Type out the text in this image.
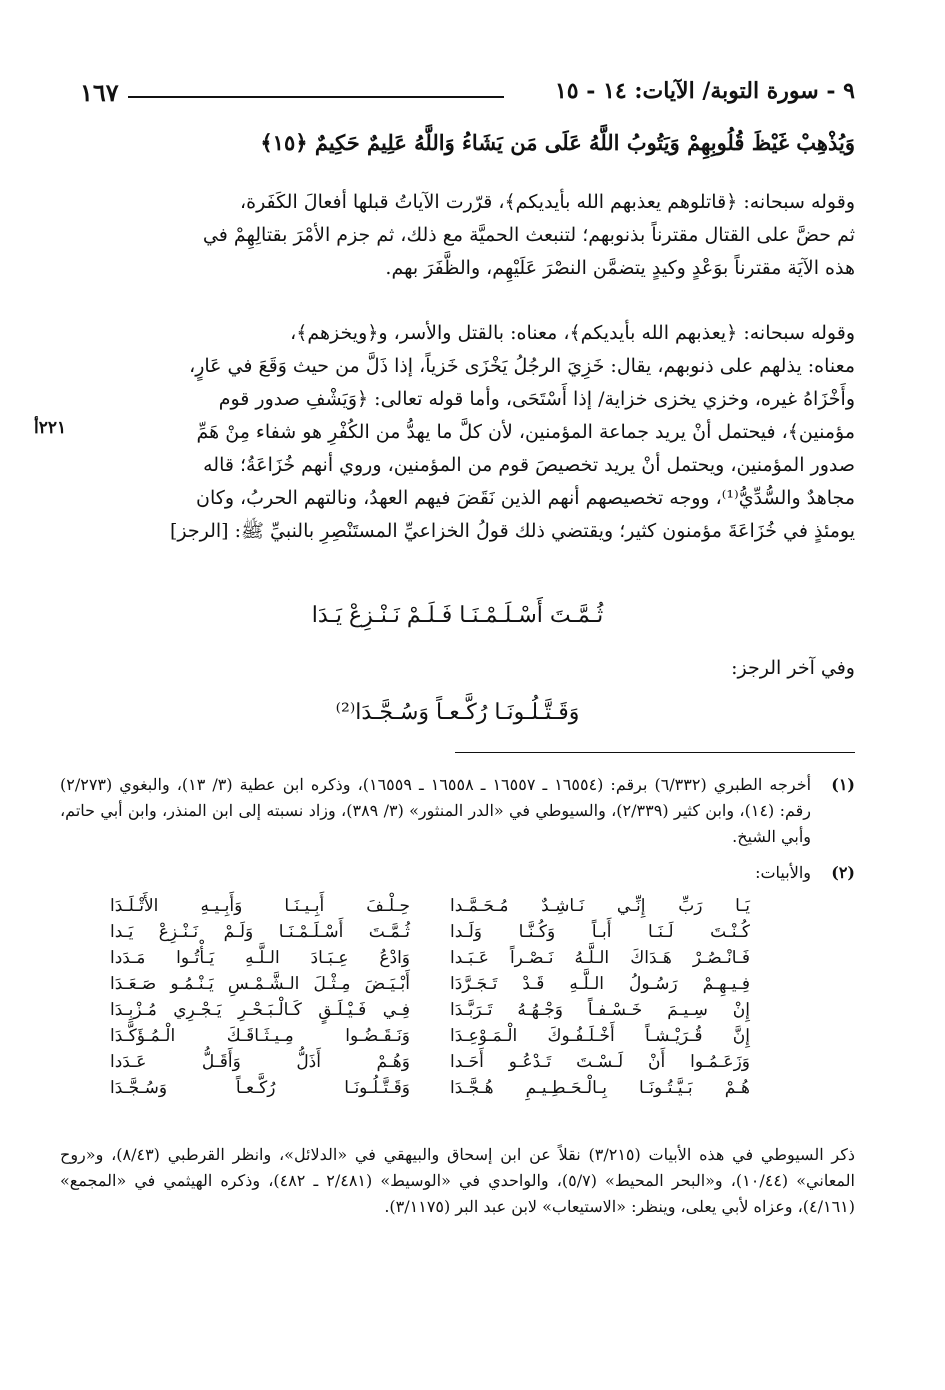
١٦٧	٩ - سورة التوبة/ الآيات: ١٤ - ١٥
وَيُذْهِبْ غَيْظَ قُلُوبِهِمْ وَيَتُوبُ اللَّهُ عَلَى مَن يَشَاءُ وَاللَّهُ عَلِيمٌ حَكِيمٌ ﴿١٥﴾
وقوله سبحانه: ﴿قاتلوهم يعذبهم الله بأيديكم﴾، قرّرت الآياتُ قبلها أفعالَ الكَفَرة،
ثم حضَّ على القتال مقترناً بذنوبهم؛ لتنبعث الحميَّة مع ذلك، ثم جزم الأمْرَ بقتالِهِمْ في
هذه الآيَة مقترناً بوَعْدٍ وكيدٍ يتضمَّن النصْرَ عَلَيْهِم، والظَّفَرَ بهم.
وقوله سبحانه: ﴿يعذبهم الله بأيديكم﴾، معناه: بالقتل والأسر، و﴿ويخزهم﴾،
معناه: يذلهم على ذنوبهم، يقال: خَزِيَ الرجُلُ يَخْزَى خَزياً، إذا ذَلَّ من حيث وَقَعَ في عَارٍ،
وأَخْزَاهُ غيره، وخزي يخزى خزاية/ إذا أَسْتَحَى، وأما قوله تعالى: ﴿وَيَشْفِ صدور قوم
مؤمنين﴾، فيحتمل أنْ يريد جماعة المؤمنين، لأن كلَّ ما يهدُّ من الكُفْرِ هو شفاء مِنْ هَمِّ
صدور المؤمنين، ويحتمل أنْ يريد تخصيصَ قوم من المؤمنين، وروي أنهم خُزَاعَةُ؛ قاله
مجاهدٌ والسُّدِّيُّ⁽¹⁾، ووجه تخصيصهم أنهم الذين نَقَضَ فيهم العهدُ، ونالتهم الحربُ، وكان
يومئذٍ في خُزَاعَةَ مؤمنون كثير؛ ويقتضي ذلك قولُ الخزاعيِّ المستَنْصِرِ بالنبيِّ ﷺ: [الرجز]
٢٢١أ
ثُـمَّـتَ أَسْـلَـمْـنَـا فَـلَـمْ نَـنْـزِعْ يَـدَا
وفي آخر الرجز:
وَقَـتَّـلُـونَـا رُكَّـعـاً وَسُـجَّـدَا⁽²⁾
(١)
أخرجه الطبري (٦/٣٣٢) برقم: (١٦٥٥٤ ـ ١٦٥٥٧ ـ ١٦٥٥٨ ـ ١٦٥٥٩)، وذكره ابن عطية (٣/ ١٣)، والبغوي (٢/٢٧٣) رقم: (١٤)، وابن كثير (٢/٣٣٩)، والسيوطي في «الدر المنثور» (٣/ ٣٨٩)، وزاد نسبته إلى ابن المنذر، وابن أبي حاتم، وأبي الشيخ.
(٢)
والأبيات:
يَـا رَبِّ إِنِّـي نَـاشِـدٌ مُـحَـمَّـدا
حِـلْـفَ أَبِـيـنَـا وَأَبِـيـهِ الأَتْـلَـدَا
كُـنْـتَ لَـنَـا أَبـاً وَكُـنَّـا وَلَـدا
ثُـمَّـتَ أَسْـلَـمْـنَـا وَلَـمْ نَـنْـزِعْ يَـدا
فَـانْـصُـرْ هَـدَاكَ الـلَّـهُ نَـصْـراً عَـبَـدا
وَادْعُ عِـبَـادَ الـلَّـهِ يَـأْتُـوا مَـدَدا
فِـيـهِـمْ رَسُـولُ الـلَّـهِ قَـدْ تَـجَـرَّدَا
أَبْـيَـضَ مِـثْـلَ الـشَّـمْـسِ يَـنْـمُـو صَـعَـدَا
إِنْ سِـيـمَ خَـسْـفـاً وَجْـهُـهُ تَـرَبَّـدَا
فِـي فَـيْـلَـقٍ كَـالْـبَـحْـرِ يَـجْـرِي مُـزْبِـدَا
إِنَّ قُـرَيْـشـاً أَخْـلَـفُـوكَ الْـمَـوْعِـدَا
وَنَـقَـضُـوا مِـيـثَـاقَـكَ الْـمُـؤَكَّـدَا
وَزَعَـمُـوا أَنْ لَـسْـتَ تَـدْعُـو أَحَـدا
وَهُـمْ أَذَلُّ وَأَقَـلُّ عَـدَدا
هُـمْ بَـيَّـتُـونَـا بِـالْـحَـطِـيـمِ هُـجَّـدَا
وَقَـتَّـلُـونَـا رُكَّـعـاً وَسُـجَّـدَا
ذكر السيوطي في هذه الأبيات (٣/٢١٥) نقلاً عن ابن إسحاق والبيهقي في «الدلائل»، وانظر القرطبي (٨/٤٣)، و«روح المعاني» (١٠/٤٤)، و«البحر المحيط» (٥/٧)، والواحدي في «الوسيط» (٢/٤٨١ ـ ٤٨٢)، وذكره الهيثمي في «المجمع» (٤/١٦١)، وعزاه لأبي يعلى، وينظر: «الاستيعاب» لابن عبد البر (٣/١١٧٥).
